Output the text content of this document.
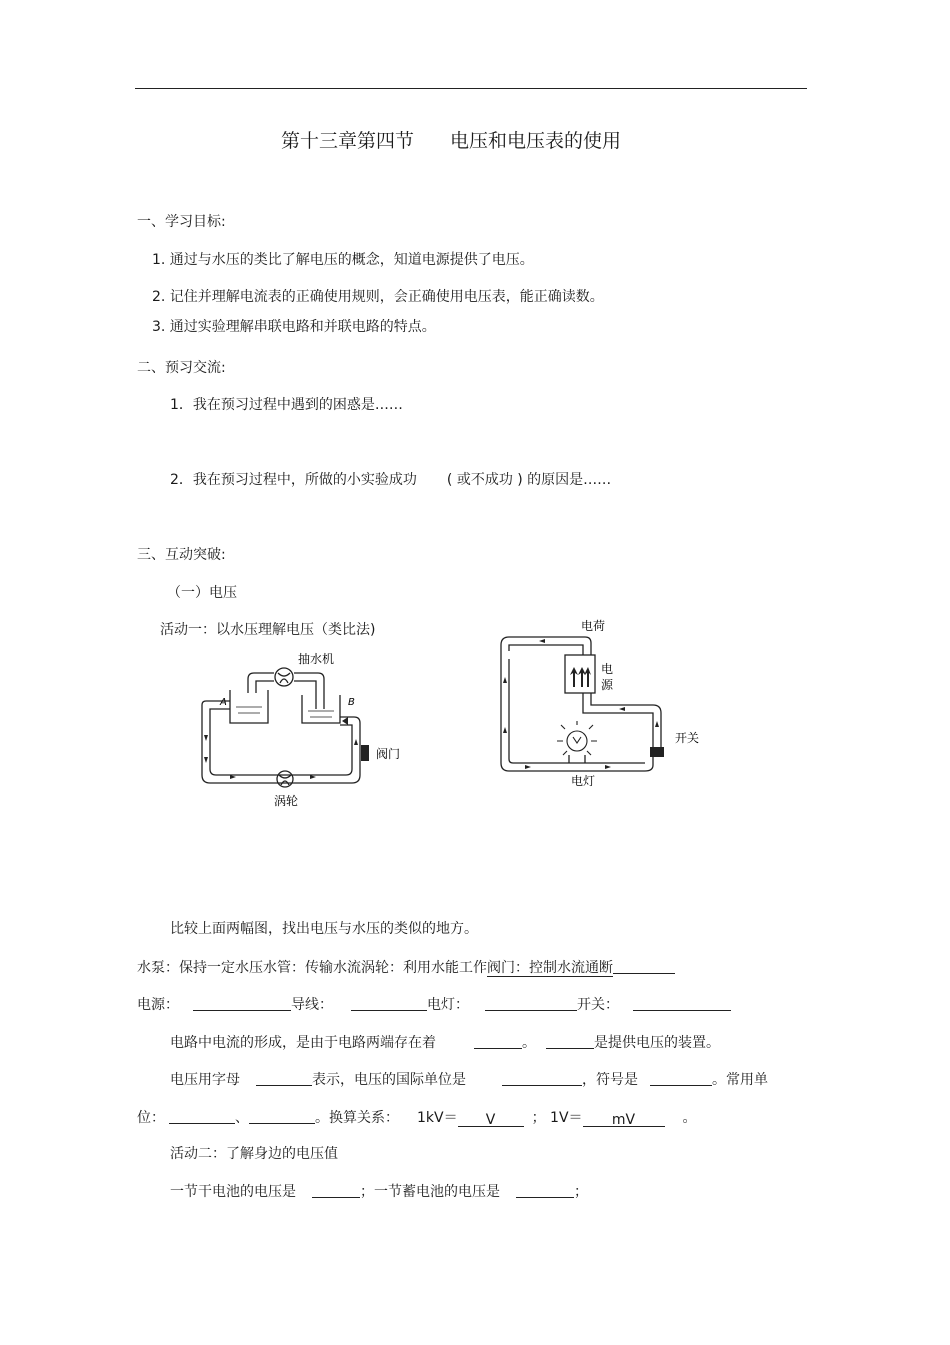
第十三章第四节 电压和电压表的使用
一、学习目标:
1. 通过与水压的类比了解电压的概念，知道电源提供了电压。
2. 记住并理解电流表的正确使用规则，会正确使用电压表，能正确读数。
3. 通过实验理解串联电路和并联电路的特点。
二、预习交流:
1．我在预习过程中遇到的困惑是……
2．我在预习过程中，所做的小实验成功 ( 或不成功 ) 的原因是……
三、互动突破:
（一）电压
活动一：以水压理解电压（类比法)
A	B
抽水机
阀门
涡轮
电荷
电
源
开关
电灯
比较上面两幅图，找出电压与水压的类似的地方。
水泵：保持一定水压水管：传输水流涡轮：利用水能工作阀门：控制水流通断
电源：	导线：	电灯：	开关：
电路中电流的形成，是由于电路两端存在着	。	是提供电压的装置。
电压用字母	表示，电压的国际单位是	，符号是	。常用单
位：	、	。换算关系： 1kV＝ V	； 1V＝ mV	。
活动二：了解身边的电压值
一节干电池的电压是	；一节蓄电池的电压是	；
